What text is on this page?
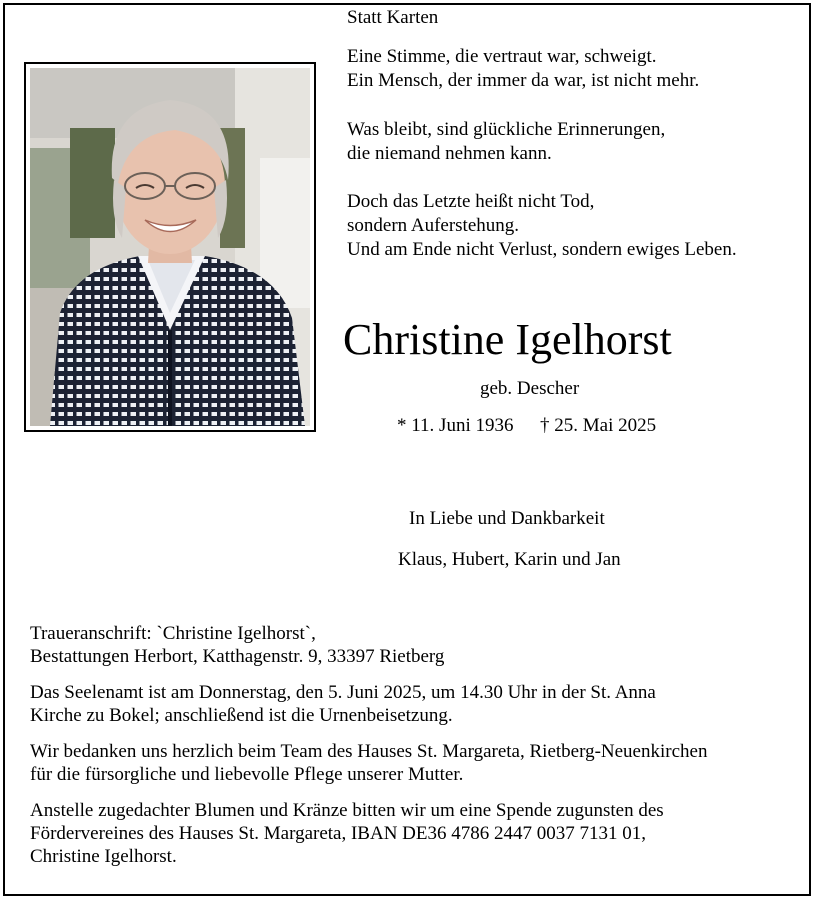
Statt Karten
Eine Stimme, die vertraut war, schweigt.
Ein Mensch, der immer da war, ist nicht mehr.
Was bleibt, sind glückliche Erinnerungen,
die niemand nehmen kann.
Doch das Letzte heißt nicht Tod,
sondern Auferstehung.
Und am Ende nicht Verlust, sondern ewiges Leben.
Christine Igelhorst
geb. Descher
* 11. Juni 1936 † 25. Mai 2025
In Liebe und Dankbarkeit
Klaus, Hubert, Karin und Jan
Traueranschrift: `Christine Igelhorst`,
Bestattungen Herbort, Katthagenstr. 9, 33397 Rietberg
Das Seelenamt ist am Donnerstag, den 5. Juni 2025, um 14.30 Uhr in der St. Anna
Kirche zu Bokel; anschließend ist die Urnenbeisetzung.
Wir bedanken uns herzlich beim Team des Hauses St. Margareta, Rietberg-Neuenkirchen
für die fürsorgliche und liebevolle Pflege unserer Mutter.
Anstelle zugedachter Blumen und Kränze bitten wir um eine Spende zugunsten des
Fördervereines des Hauses St. Margareta, IBAN DE36 4786 2447 0037 7131 01,
Christine Igelhorst.
